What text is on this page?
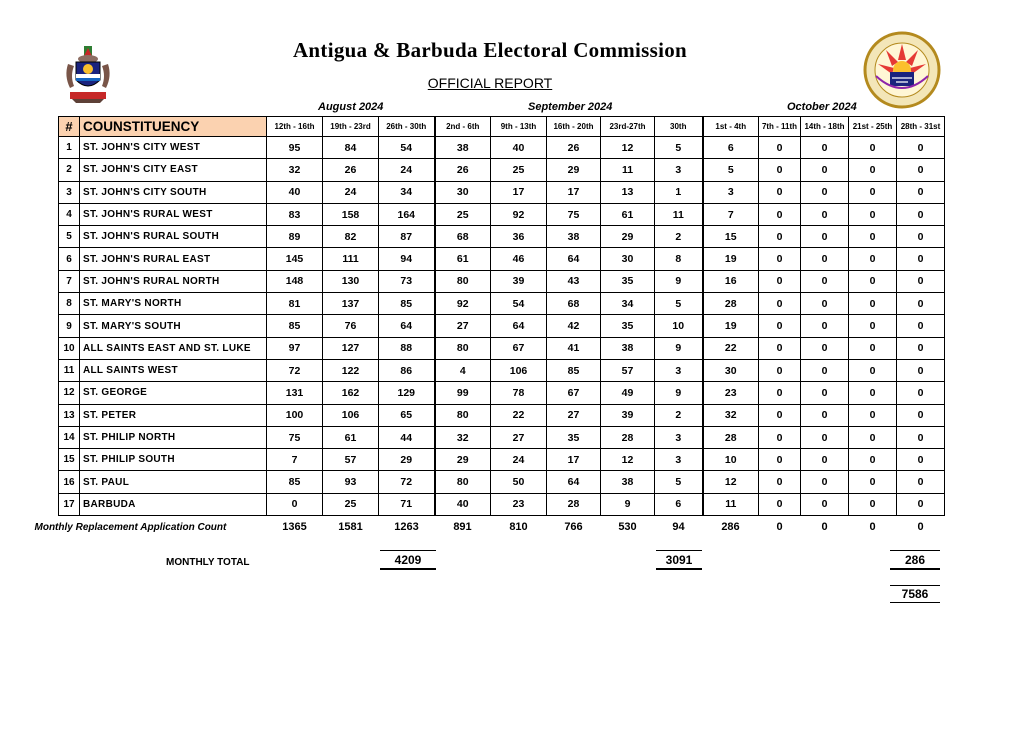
Antigua & Barbuda Electoral Commission
OFFICIAL REPORT
August 2024	September 2024	October 2024
#	COUNSTITUENCY	12th - 16th	19th - 23rd	26th - 30th	2nd - 6th	9th - 13th	16th - 20th	23rd-27th	30th	1st - 4th	7th - 11th	14th - 18th	21st - 25th	28th - 31st
1	ST. JOHN'S CITY WEST	95	84	54	38	40	26	12	5	6	0	0	0	0
2	ST. JOHN'S CITY EAST	32	26	24	26	25	29	11	3	5	0	0	0	0
3	ST. JOHN'S CITY SOUTH	40	24	34	30	17	17	13	1	3	0	0	0	0
4	ST. JOHN'S RURAL WEST	83	158	164	25	92	75	61	11	7	0	0	0	0
5	ST. JOHN'S RURAL SOUTH	89	82	87	68	36	38	29	2	15	0	0	0	0
6	ST. JOHN'S RURAL EAST	145	111	94	61	46	64	30	8	19	0	0	0	0
7	ST. JOHN'S RURAL NORTH	148	130	73	80	39	43	35	9	16	0	0	0	0
8	ST. MARY'S NORTH	81	137	85	92	54	68	34	5	28	0	0	0	0
9	ST. MARY'S SOUTH	85	76	64	27	64	42	35	10	19	0	0	0	0
10	ALL SAINTS EAST AND ST. LUKE	97	127	88	80	67	41	38	9	22	0	0	0	0
11	ALL SAINTS WEST	72	122	86	4	106	85	57	3	30	0	0	0	0
12	ST. GEORGE	131	162	129	99	78	67	49	9	23	0	0	0	0
13	ST. PETER	100	106	65	80	22	27	39	2	32	0	0	0	0
14	ST. PHILIP NORTH	75	61	44	32	27	35	28	3	28	0	0	0	0
15	ST. PHILIP SOUTH	7	57	29	29	24	17	12	3	10	0	0	0	0
16	ST. PAUL	85	93	72	80	50	64	38	5	12	0	0	0	0
17	BARBUDA	0	25	71	40	23	28	9	6	11	0	0	0	0
Monthly Replacement Application Count		1365	1581	1263	891	810	766	530	94	286	0	0	0	0
MONTHLY TOTAL	4209	3091	286
7586
